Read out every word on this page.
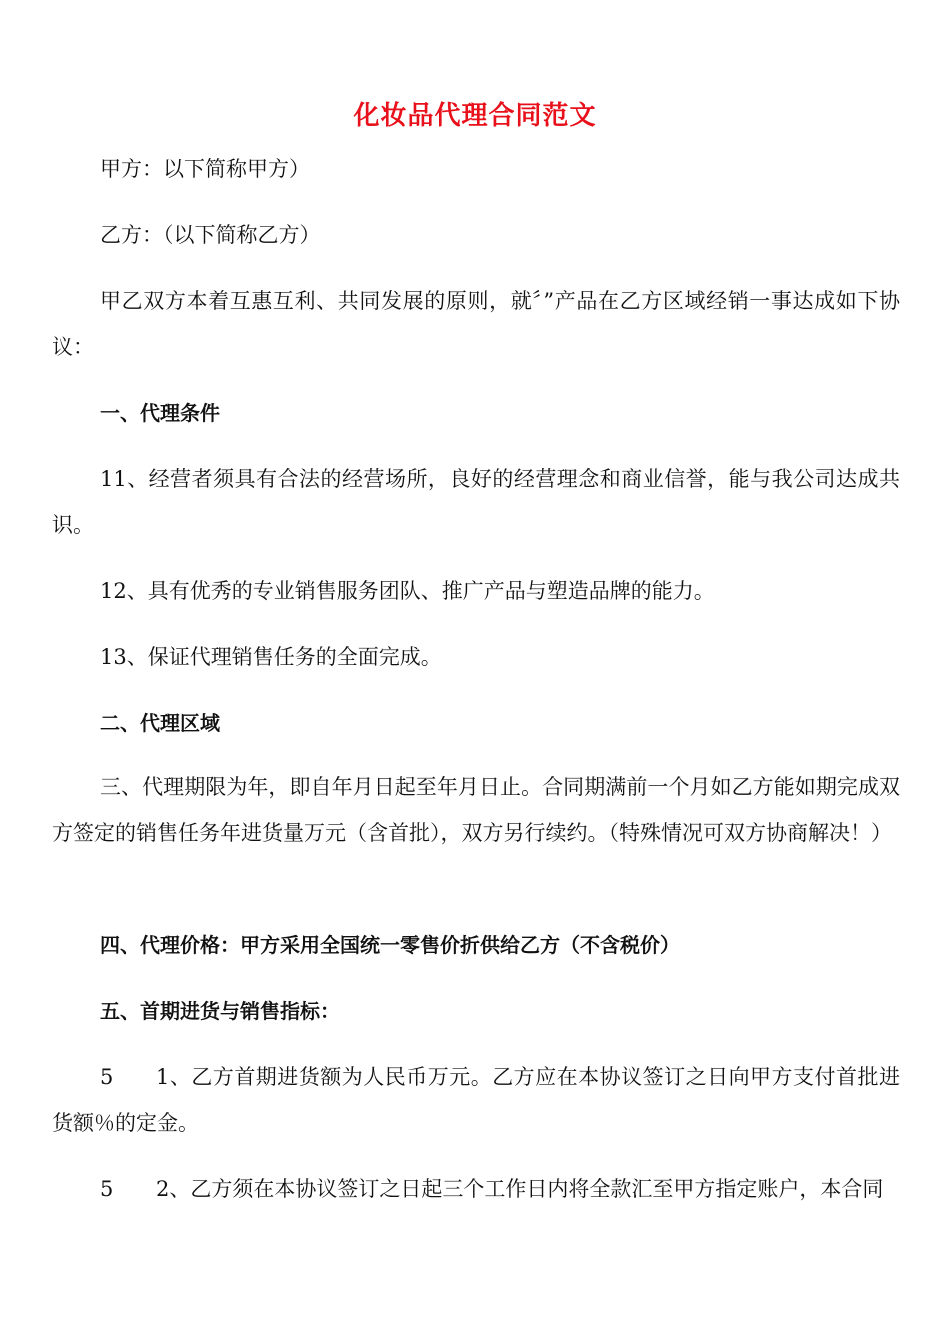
化妆品代理合同范文

甲方：以下简称甲方）

乙方：（以下简称乙方）

甲乙双方本着互惠互利、共同发展的原则，就〞”产品在乙方区域经销一事达成如下协议：

一、代理条件

11、经营者须具有合法的经营场所，良好的经营理念和商业信誉，能与我公司达成共识。

12、具有优秀的专业销售服务团队、推广产品与塑造品牌的能力。

13、保证代理销售任务的全面完成。

二、代理区域

三、代理期限为年，即自年月日起至年月日止。合同期满前一个月如乙方能如期完成双方签定的销售任务年进货量万元（含首批），双方另行续约。（特殊情况可双方协商解决！）

四、代理价格：甲方采用全国统一零售价折供给乙方（不含税价）

五、首期进货与销售指标：

5 1、乙方首期进货额为人民币万元。乙方应在本协议签订之日向甲方支付首批进货额％的定金。

5 2、乙方须在本协议签订之日起三个工作日内将全款汇至甲方指定账户，本合同
